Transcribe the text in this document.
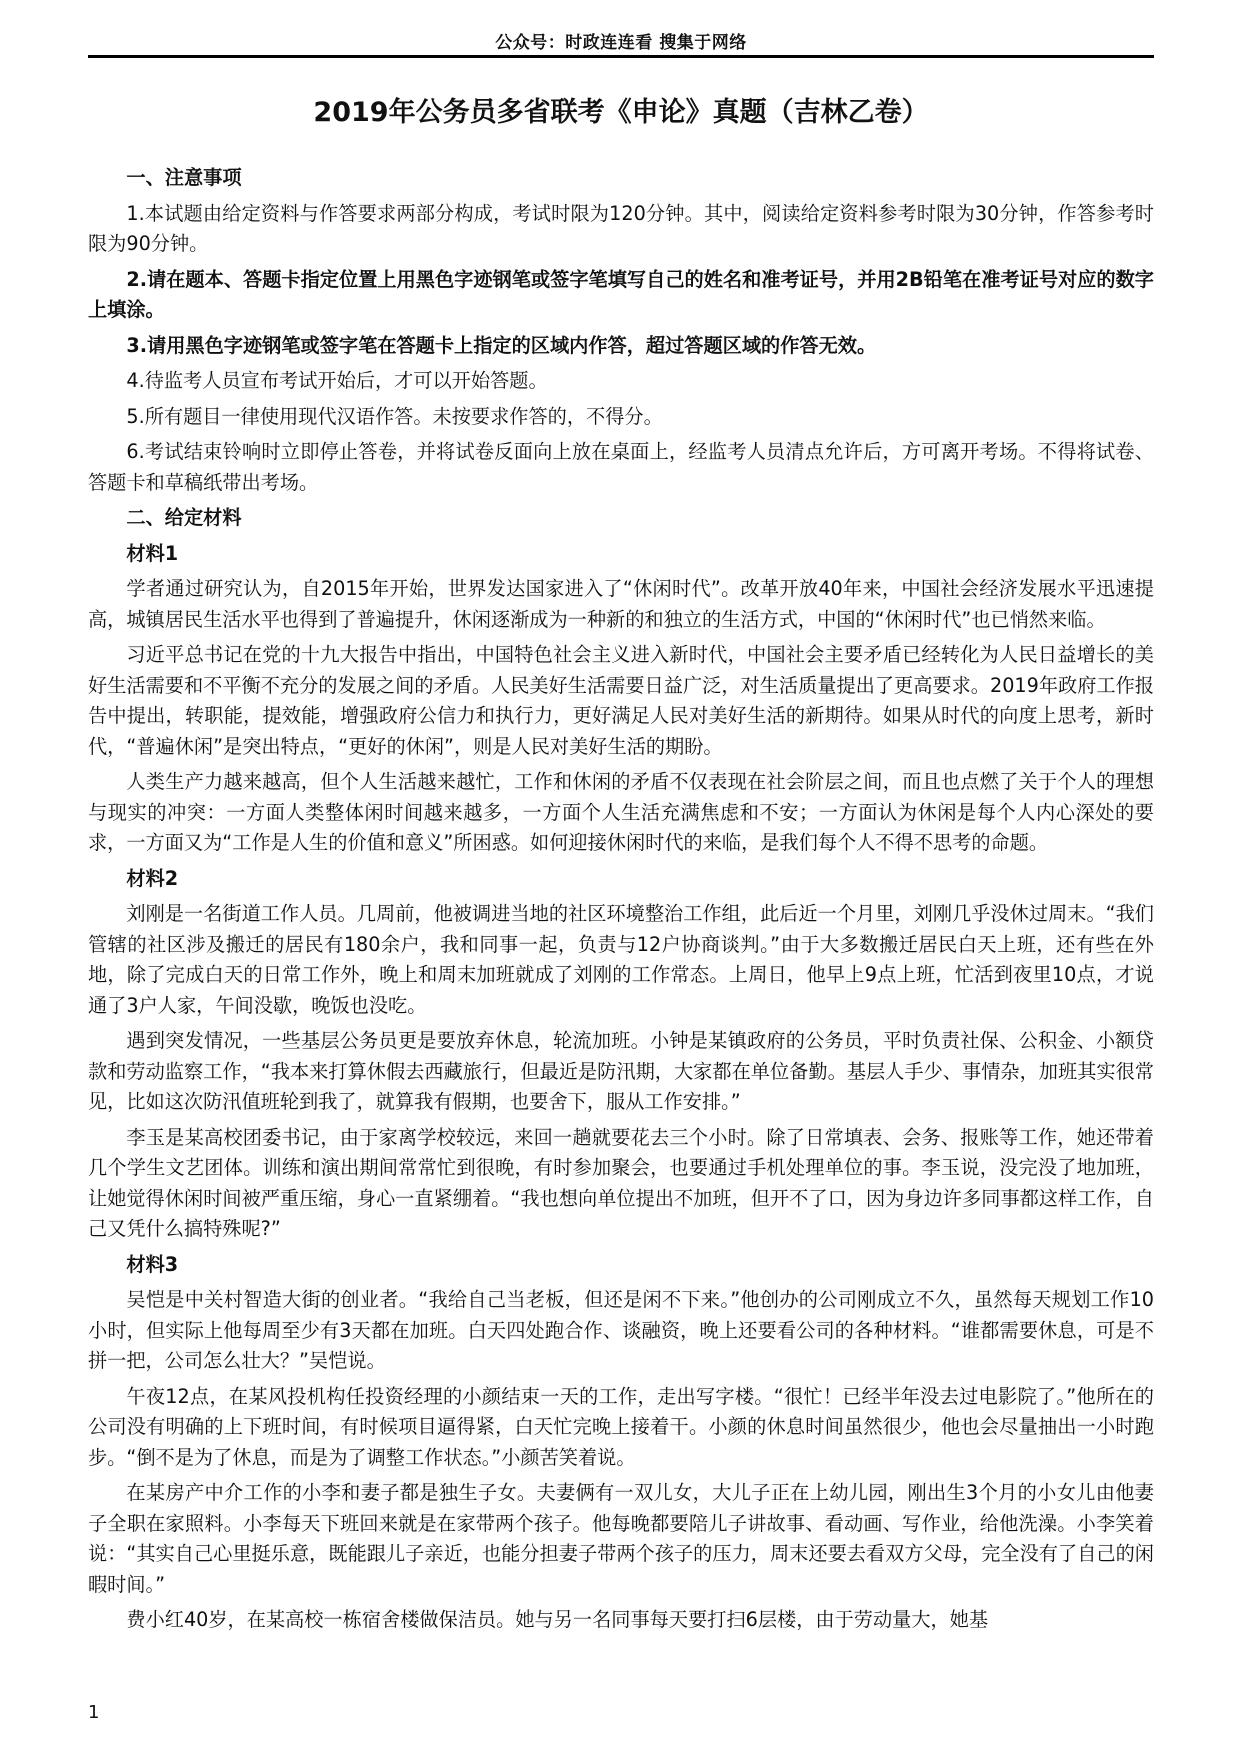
公众号：时政连连看 搜集于网络
2019年公务员多省联考《申论》真题（吉林乙卷）
一、注意事项

1.本试题由给定资料与作答要求两部分构成，考试时限为120分钟。其中，阅读给定资料参考时限为30分钟，作答参考时限为90分钟。

2.请在题本、答题卡指定位置上用黑色字迹钢笔或签字笔填写自己的姓名和准考证号，并用2B铅笔在准考证号对应的数字上填涂。

3.请用黑色字迹钢笔或签字笔在答题卡上指定的区域内作答，超过答题区域的作答无效。

4.待监考人员宣布考试开始后，才可以开始答题。

5.所有题目一律使用现代汉语作答。未按要求作答的，不得分。

6.考试结束铃响时立即停止答卷，并将试卷反面向上放在桌面上，经监考人员清点允许后，方可离开考场。不得将试卷、答题卡和草稿纸带出考场。

二、给定材料
材料1

学者通过研究认为，自2015年开始，世界发达国家进入了“休闲时代”。改革开放40年来，中国社会经济发展水平迅速提高，城镇居民生活水平也得到了普遍提升，休闲逐渐成为一种新的和独立的生活方式，中国的“休闲时代”也已悄然来临。

习近平总书记在党的十九大报告中指出，中国特色社会主义进入新时代，中国社会主要矛盾已经转化为人民日益增长的美好生活需要和不平衡不充分的发展之间的矛盾。人民美好生活需要日益广泛，对生活质量提出了更高要求。2019年政府工作报告中提出，转职能，提效能，增强政府公信力和执行力，更好满足人民对美好生活的新期待。如果从时代的向度上思考，新时代，“普遍休闲”是突出特点，“更好的休闲”，则是人民对美好生活的期盼。

人类生产力越来越高，但个人生活越来越忙，工作和休闲的矛盾不仅表现在社会阶层之间，而且也点燃了关于个人的理想与现实的冲突：一方面人类整体闲时间越来越多，一方面个人生活充满焦虑和不安；一方面认为休闲是每个人内心深处的要求，一方面又为“工作是人生的价值和意义”所困惑。如何迎接休闲时代的来临，是我们每个人不得不思考的命题。

材料2

刘刚是一名街道工作人员。几周前，他被调进当地的社区环境整治工作组，此后近一个月里，刘刚几乎没休过周末。“我们管辖的社区涉及搬迁的居民有180余户，我和同事一起，负责与12户协商谈判。”由于大多数搬迁居民白天上班，还有些在外地，除了完成白天的日常工作外，晚上和周末加班就成了刘刚的工作常态。上周日，他早上9点上班，忙活到夜里10点，才说通了3户人家，午间没歇，晚饭也没吃。

遇到突发情况，一些基层公务员更是要放弃休息，轮流加班。小钟是某镇政府的公务员，平时负责社保、公积金、小额贷款和劳动监察工作，“我本来打算休假去西藏旅行，但最近是防汛期，大家都在单位备勤。基层人手少、事情杂，加班其实很常见，比如这次防汛值班轮到我了，就算我有假期，也要舍下，服从工作安排。”

李玉是某高校团委书记，由于家离学校较远，来回一趟就要花去三个小时。除了日常填表、会务、报账等工作，她还带着几个学生文艺团体。训练和演出期间常常忙到很晚，有时参加聚会，也要通过手机处理单位的事。李玉说，没完没了地加班，让她觉得休闲时间被严重压缩，身心一直紧绷着。“我也想向单位提出不加班，但开不了口，因为身边许多同事都这样工作，自己又凭什么搞特殊呢?”

材料3

吴恺是中关村智造大街的创业者。“我给自己当老板，但还是闲不下来。”他创办的公司刚成立不久，虽然每天规划工作10小时，但实际上他每周至少有3天都在加班。白天四处跑合作、谈融资，晚上还要看公司的各种材料。“谁都需要休息，可是不拼一把，公司怎么壮大？”吴恺说。

午夜12点，在某风投机构任投资经理的小颜结束一天的工作，走出写字楼。“很忙！已经半年没去过电影院了。”他所在的公司没有明确的上下班时间，有时候项目逼得紧，白天忙完晚上接着干。小颜的休息时间虽然很少，他也会尽量抽出一小时跑步。“倒不是为了休息，而是为了调整工作状态。”小颜苦笑着说。

在某房产中介工作的小李和妻子都是独生子女。夫妻俩有一双儿女，大儿子正在上幼儿园，刚出生3个月的小女儿由他妻子全职在家照料。小李每天下班回来就是在家带两个孩子。他每晚都要陪儿子讲故事、看动画、写作业，给他洗澡。小李笑着说：“其实自己心里挺乐意，既能跟儿子亲近，也能分担妻子带两个孩子的压力，周末还要去看双方父母，完全没有了自己的闲暇时间。”

费小红40岁，在某高校一栋宿舍楼做保洁员。她与另一名同事每天要打扫6层楼，由于劳动量大，她基

1
